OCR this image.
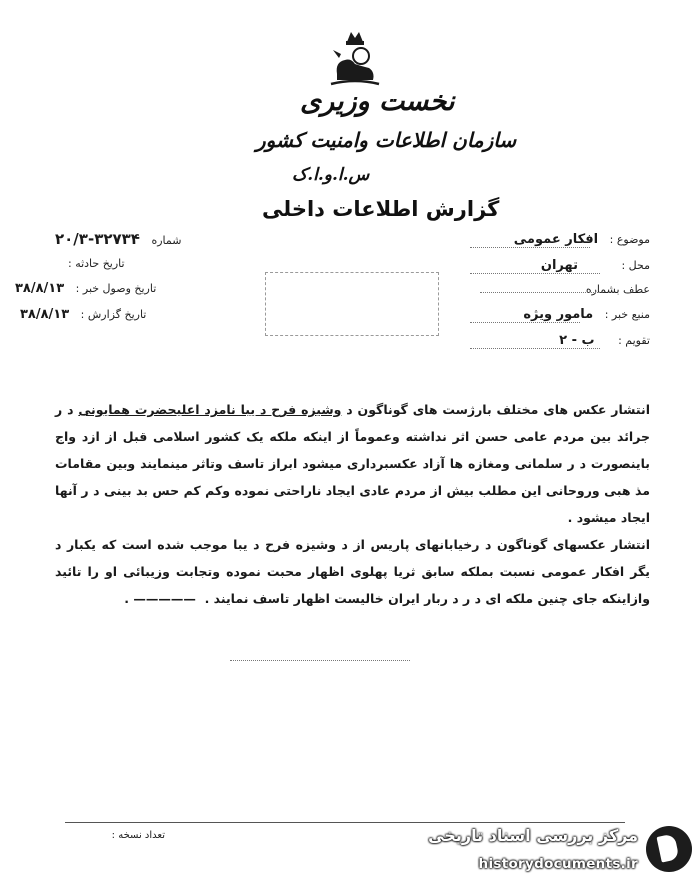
نخست وزیری
سازمان اطلاعات وامنیت کشور
س.ا.و.ا.ک
گزارش اطلاعات داخلی
موضوع : افکار عمومی
محل : تهران
عطف بشماره
منبع خبر : مامور ویژه
تقویم : ب - ۲
شماره ۳۲۷۳۴-۲۰/۳
تاریخ حادثه :
تاریخ وصول خبر : ۳۸/۸/۱۳
تاریخ گزارش : ۳۸/۸/۱۳

انتشار عکس های مختلف بارژست های گوناگون د وشیزه فرح د یبا نامزد اعلیحضرت همایونی د ر جرائد بین مردم عامی حسن اثر نداشته وعموماً از اینکه ملکه یک کشور اسلامی قبل از ازد واج باینصورت د ر سلمانی ومغازه ها آزاد عکسبرداری میشود ابراز تاسف وتاثر مینمایند وبین مقامات مذ هبی وروحانی این مطلب بیش از مردم عادی ایجاد ناراحتی نموده وکم کم حس بد بینی د ر آنها ایجاد میشود .

انتشار عکسهای گوناگون د رخیابانهای پاریس از د وشیزه فرح د یبا موجب شده است که یکبار د یگر افکار عمومی نسبت بملکه سابق ثریا پهلوی اظهار محبت نموده وتجابت وزیبائی او را تائید وازاینکه جای چنین ملکه ای د ر د ربار ایران خالیست اظهار تاسف نمایند .  ————— .

تعداد نسخه :	مرکز بررسی اسناد تاریخی
historydocuments.ir
